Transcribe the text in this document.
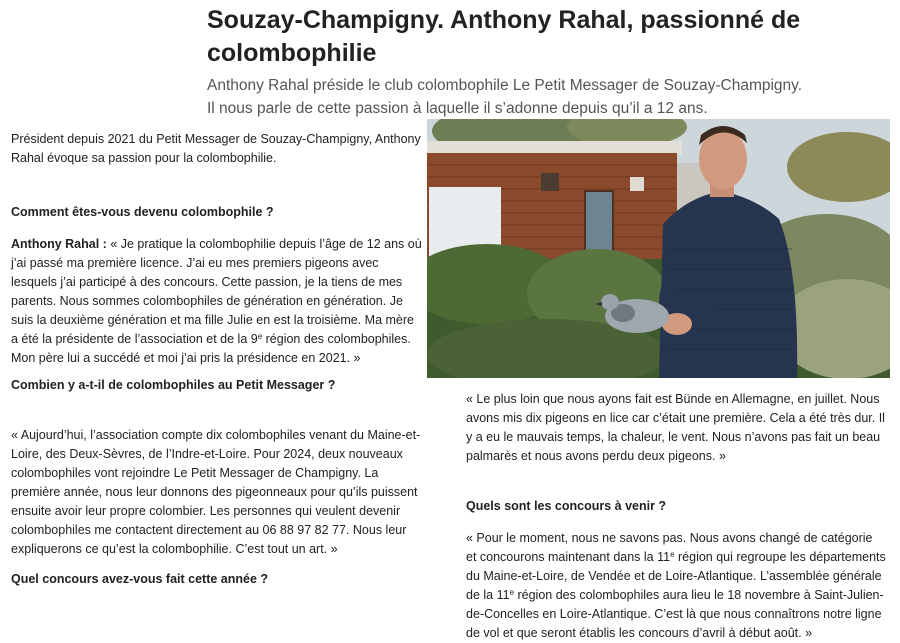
Souzay-Champigny. Anthony Rahal, passionné de colombophilie

Anthony Rahal préside le club colombophile Le Petit Messager de Souzay-Champigny. Il nous parle de cette passion à laquelle il s’adonne depuis qu’il a 12 ans.

Président depuis 2021 du Petit Messager de Souzay-Champigny, Anthony Rahal évoque sa passion pour la colombophilie.

Comment êtes-vous devenu colombophile ?

Anthony Rahal : « Je pratique la colombophilie depuis l’âge de 12 ans où j’ai passé ma première licence. J’ai eu mes premiers pigeons avec lesquels j’ai participé à des concours. Cette passion, je la tiens de mes parents. Nous sommes colombophiles de génération en génération. Je suis la deuxième génération et ma fille Julie en est la troisième. Ma mère a été la présidente de l’association et de la 9e région des colombophiles. Mon père lui a succédé et moi j’ai pris la présidence en 2021. »

Combien y a-t-il de colombophiles au Petit Messager ?

« Aujourd’hui, l’association compte dix colombophiles venant du Maine-et-Loire, des Deux-Sèvres, de l’Indre-et-Loire. Pour 2024, deux nouveaux colombophiles vont rejoindre Le Petit Messager de Champigny. La première année, nous leur donnons des pigeonneaux pour qu’ils puissent ensuite avoir leur propre colombier. Les personnes qui veulent devenir colombophiles me contactent directement au 06 88 97 82 77. Nous leur expliquerons ce qu’est la colombophilie. C’est tout un art. »

Quel concours avez-vous fait cette année ?

« Le plus loin que nous ayons fait est Bünde en Allemagne, en juillet. Nous avons mis dix pigeons en lice car c’était une première. Cela a été très dur. Il y a eu le mauvais temps, la chaleur, le vent. Nous n’avons pas fait un beau palmarès et nous avons perdu deux pigeons. »

Quels sont les concours à venir ?

« Pour le moment, nous ne savons pas. Nous avons changé de catégorie et concourons maintenant dans la 11e région qui regroupe les départements du Maine-et-Loire, de Vendée et de Loire-Atlantique. L’assemblée générale de la 11e région des colombophiles aura lieu le 18 novembre à Saint-Julien-de-Concelles en Loire-Atlantique. C’est là que nous connaîtrons notre ligne de vol et que seront établis les concours d’avril à début août. »
